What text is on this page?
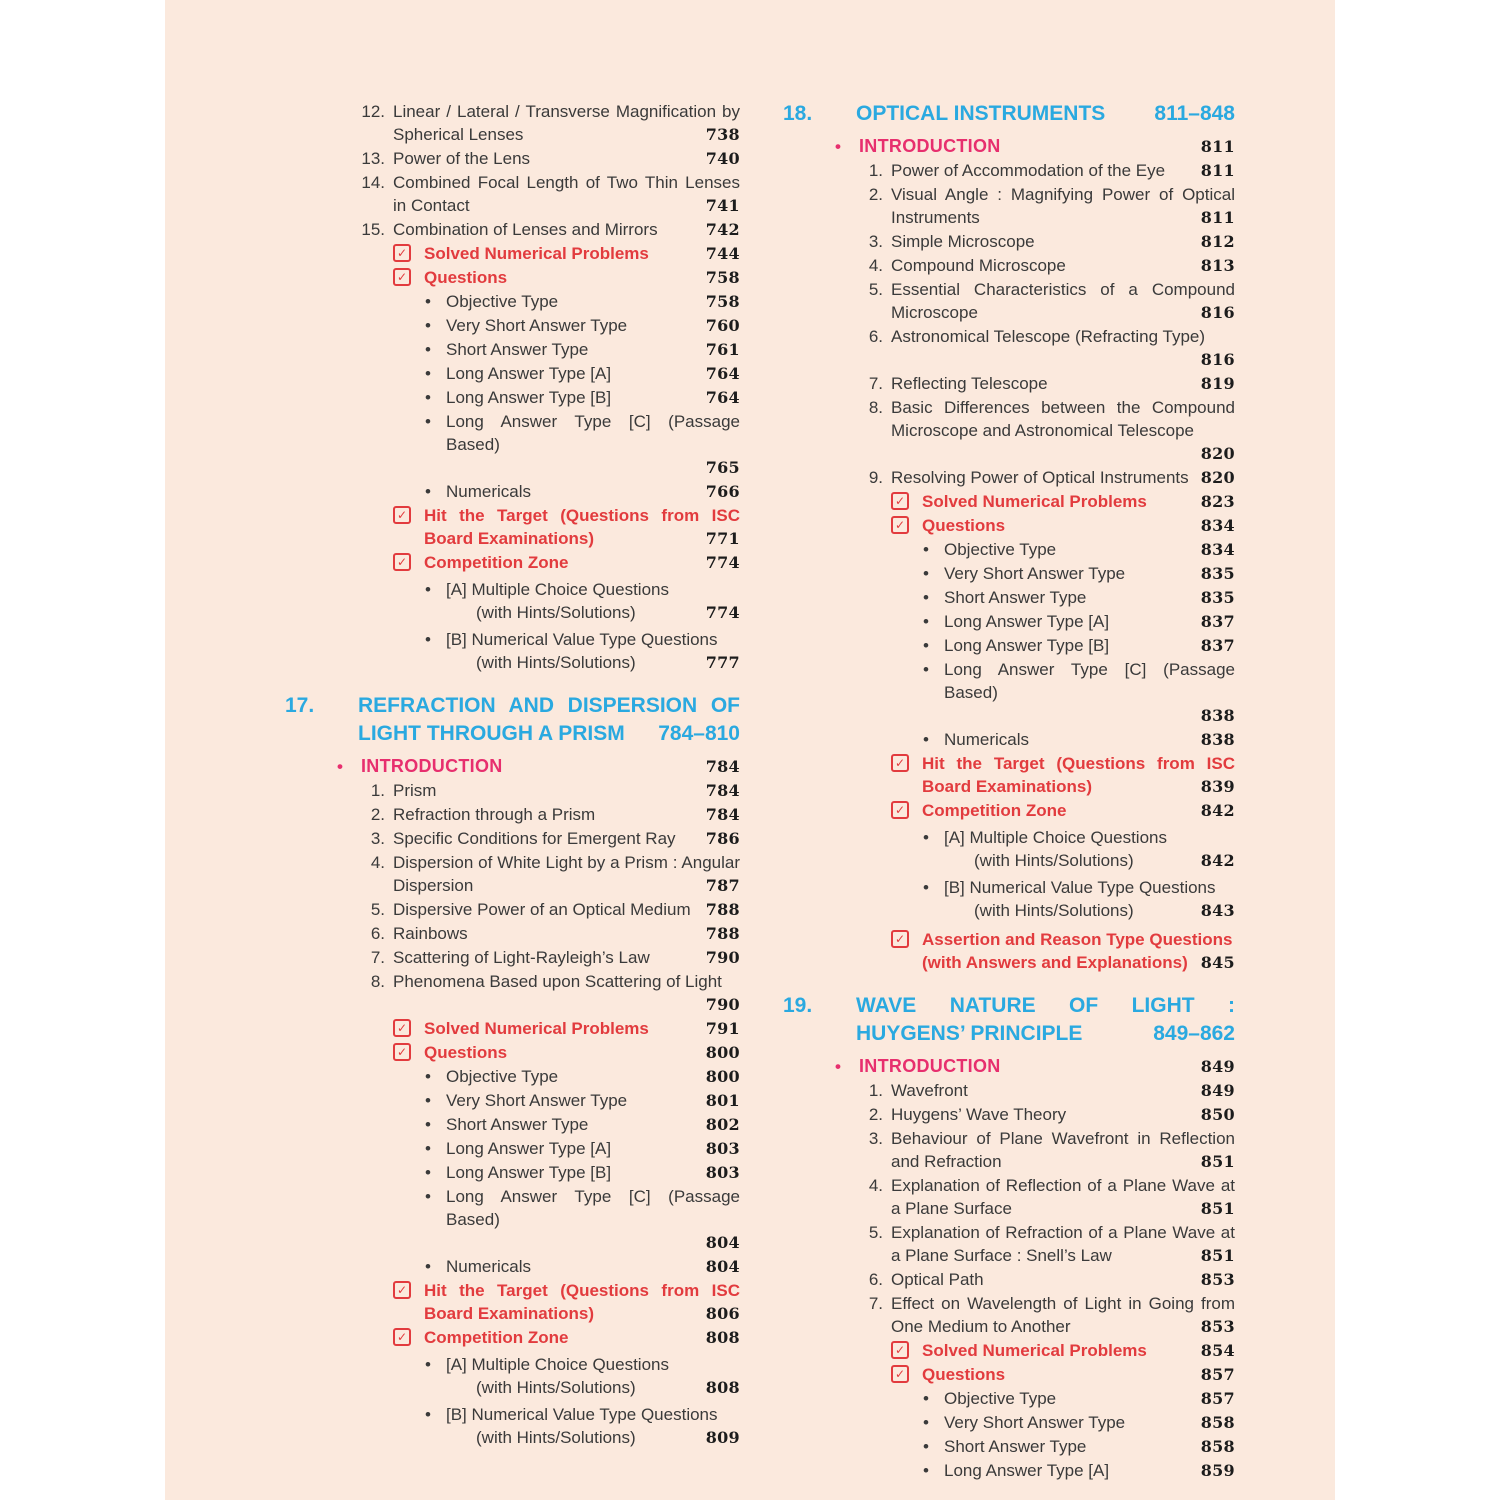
12. Linear / Lateral / Transverse Magnification by Spherical Lenses	738
13. Power of the Lens	740
14. Combined Focal Length of Two Thin Lenses in Contact	741
15. Combination of Lenses and Mirrors	742
✓
Solved Numerical Problems	744
✓
Questions	758
•
Objective Type	758
•
Very Short Answer Type	760
•
Short Answer Type	761
•
Long Answer Type [A]	764
•
Long Answer Type [B]	764
•
Long Answer Type [C] (Passage Based)
765
•
Numericals	766
✓
Hit the Target (Questions from ISC Board Examinations)	771
✓
Competition Zone	774
•
[A] Multiple Choice Questions
(with Hints/Solutions)	774
•
[B] Numerical Value Type Questions
(with Hints/Solutions)	777
17.	REFRACTION AND DISPERSION OF LIGHT THROUGH A PRISM 784–810
•
INTRODUCTION	784
1. Prism	784
2. Refraction through a Prism	784
3. Specific Conditions for Emergent Ray 786
4. Dispersion of White Light by a Prism : Angular Dispersion	787
5. Dispersive Power of an Optical Medium 788
6. Rainbows	788
7. Scattering of Light-Rayleigh’s Law	790
8. Phenomena Based upon Scattering of Light
790
✓
Solved Numerical Problems	791
✓
Questions	800
•
Objective Type	800
•
Very Short Answer Type	801
•
Short Answer Type	802
•
Long Answer Type [A]	803
•
Long Answer Type [B]	803
•
Long Answer Type [C] (Passage Based)
804
•
Numericals	804
✓
Hit the Target (Questions from ISC Board Examinations)	806
✓
Competition Zone	808
•
[A] Multiple Choice Questions
(with Hints/Solutions)	808
•
[B] Numerical Value Type Questions
(with Hints/Solutions)	809
18.	OPTICAL INSTRUMENTS 811–848
•
INTRODUCTION	811
1. Power of Accommodation of the Eye 811
2. Visual Angle : Magnifying Power of Optical Instruments	811
3. Simple Microscope	812
4. Compound Microscope	813
5. Essential Characteristics of a Compound Microscope	816
6. Astronomical Telescope (Refracting Type)
816
7. Reflecting Telescope	819
8. Basic Differences between the Compound Microscope and Astronomical Telescope
820
9. Resolving Power of Optical Instruments 820
✓
Solved Numerical Problems	823
✓
Questions	834
•
Objective Type	834
•
Very Short Answer Type	835
•
Short Answer Type	835
•
Long Answer Type [A]	837
•
Long Answer Type [B]	837
•
Long Answer Type [C] (Passage Based)
838
•
Numericals	838
✓
Hit the Target (Questions from ISC Board Examinations)	839
✓
Competition Zone	842
•
[A] Multiple Choice Questions
(with Hints/Solutions)	842
•
[B] Numerical Value Type Questions
(with Hints/Solutions)	843
✓
Assertion and Reason Type Questions
(with Answers and Explanations) 845
19.	WAVE NATURE OF LIGHT : HUYGENS’ PRINCIPLE	849–862
•
INTRODUCTION	849
1. Wavefront	849
2. Huygens’ Wave Theory	850
3. Behaviour of Plane Wavefront in Reflection and Refraction	851
4. Explanation of Reflection of a Plane Wave at a Plane Surface	851
5. Explanation of Refraction of a Plane Wave at a Plane Surface : Snell’s Law	851
6. Optical Path	853
7. Effect on Wavelength of Light in Going from One Medium to Another	853
✓
Solved Numerical Problems	854
✓
Questions	857
•
Objective Type	857
•
Very Short Answer Type	858
•
Short Answer Type	858
•
Long Answer Type [A]	859
